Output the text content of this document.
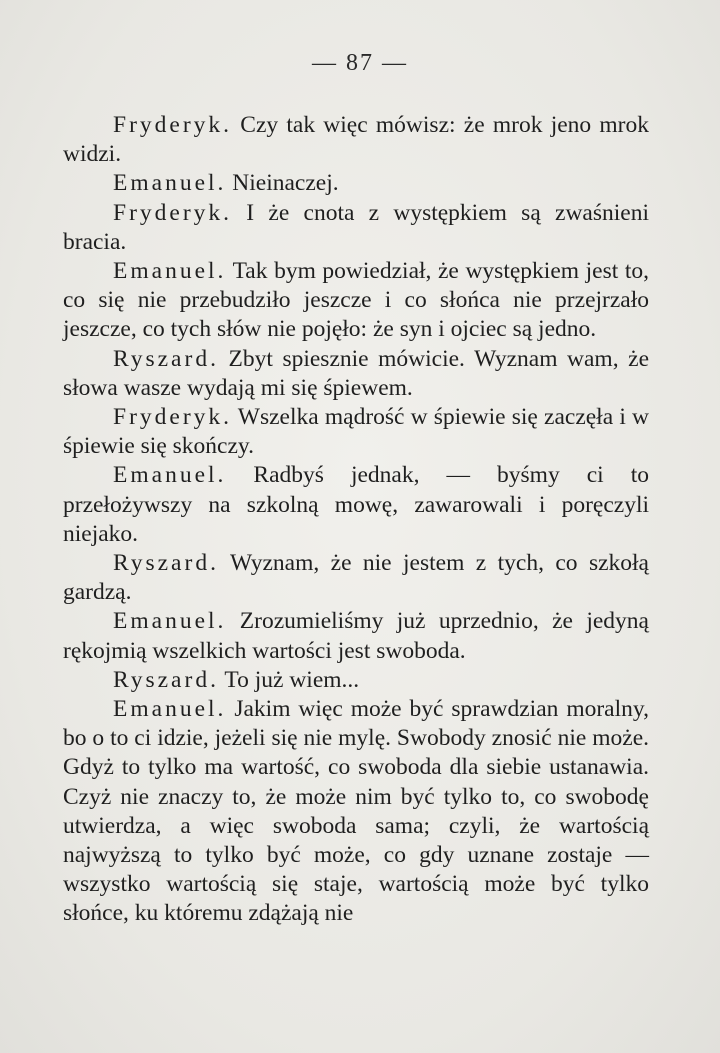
— 87 —

Fryderyk. Czy tak więc mówisz: że mrok jeno mrok widzi.

Emanuel. Nieinaczej.

Fryderyk. I że cnota z występkiem są zwaśnieni bracia.

Emanuel. Tak bym powiedział, że występkiem jest to, co się nie przebudziło jeszcze i co słońca nie przejrzało jeszcze, co tych słów nie pojęło: że syn i ojciec są jedno.

Ryszard. Zbyt spiesznie mówicie. Wyznam wam, że słowa wasze wydają mi się śpiewem.

Fryderyk. Wszelka mądrość w śpiewie się zaczęła i w śpiewie się skończy.

Emanuel. Radbyś jednak, — byśmy ci to przełożywszy na szkolną mowę, zawarowali i poręczyli niejako.

Ryszard. Wyznam, że nie jestem z tych, co szkołą gardzą.

Emanuel. Zrozumieliśmy już uprzednio, że jedyną rękojmią wszelkich wartości jest swoboda.

Ryszard. To już wiem...

Emanuel. Jakim więc może być sprawdzian moralny, bo o to ci idzie, jeżeli się nie mylę. Swobody znosić nie może. Gdyż to tylko ma wartość, co swoboda dla siebie ustanawia. Czyż nie znaczy to, że może nim być tylko to, co swobodę utwierdza, a więc swoboda sama; czyli, że wartością najwyższą to tylko być może, co gdy uznane zostaje — wszystko wartością się staje, wartością może być tylko słońce, ku któremu zdążają nie
